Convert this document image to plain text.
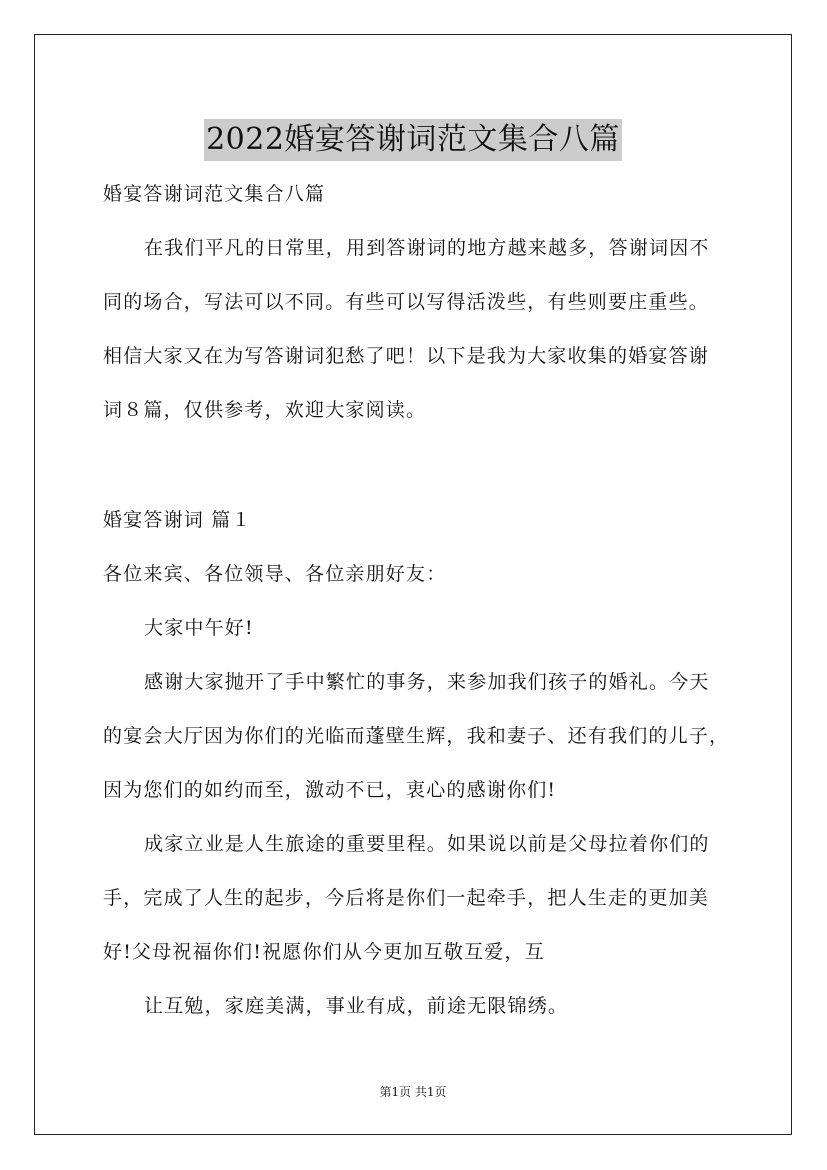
2022婚宴答谢词范文集合八篇
婚宴答谢词范文集合八篇
在我们平凡的日常里，用到答谢词的地方越来越多，答谢词因不
同的场合，写法可以不同。有些可以写得活泼些，有些则要庄重些。
相信大家又在为写答谢词犯愁了吧！以下是我为大家收集的婚宴答谢
词８篇，仅供参考，欢迎大家阅读。
婚宴答谢词 篇１
各位来宾、各位领导、各位亲朋好友：
大家中午好!
感谢大家抛开了手中繁忙的事务，来参加我们孩子的婚礼。今天
的宴会大厅因为你们的光临而蓬壁生辉，我和妻子、还有我们的儿子，
因为您们的如约而至，激动不已，衷心的感谢你们!
成家立业是人生旅途的重要里程。如果说以前是父母拉着你们的
手，完成了人生的起步，今后将是你们一起牵手，把人生走的更加美
好!父母祝福你们!祝愿你们从今更加互敬互爱，互
让互勉，家庭美满，事业有成，前途无限锦绣。
第1页 共1页
